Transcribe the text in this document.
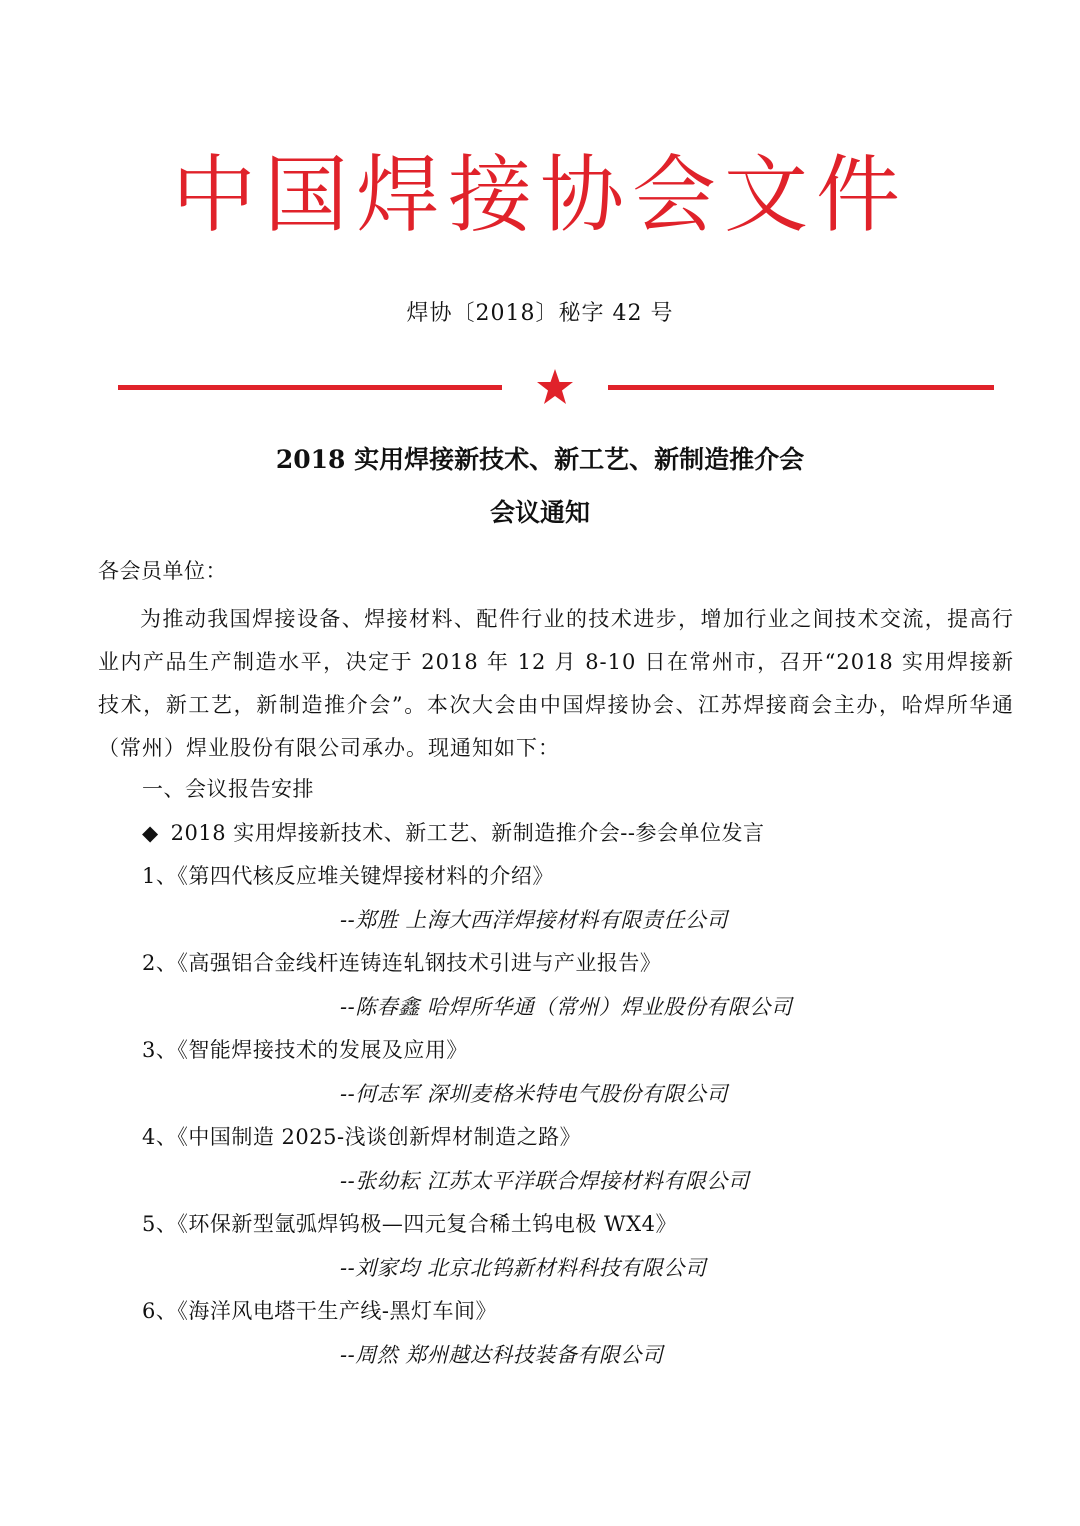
中国焊接协会文件
焊协〔2018〕秘字 42 号
2018 实用焊接新技术、新工艺、新制造推介会
会议通知
各会员单位：
为推动我国焊接设备、焊接材料、配件行业的技术进步，增加行业之间技术交流，提高行业内产品生产制造水平，决定于 2018 年 12 月 8-10 日在常州市，召开“2018 实用焊接新技术，新工艺，新制造推介会”。本次大会由中国焊接协会、江苏焊接商会主办，哈焊所华通（常州）焊业股份有限公司承办。现通知如下：
一、会议报告安排
◆ 2018 实用焊接新技术、新工艺、新制造推介会--参会单位发言
1、《第四代核反应堆关键焊接材料的介绍》
--郑胜 上海大西洋焊接材料有限责任公司
2、《高强铝合金线杆连铸连轧钢技术引进与产业报告》
--陈春鑫 哈焊所华通（常州）焊业股份有限公司
3、《智能焊接技术的发展及应用》
--何志军 深圳麦格米特电气股份有限公司
4、《中国制造 2025-浅谈创新焊材制造之路》
--张幼耘 江苏太平洋联合焊接材料有限公司
5、《环保新型氩弧焊钨极—四元复合稀土钨电极 WX4》
--刘家均 北京北钨新材料科技有限公司
6、《海洋风电塔干生产线-黑灯车间》
--周然 郑州越达科技装备有限公司
